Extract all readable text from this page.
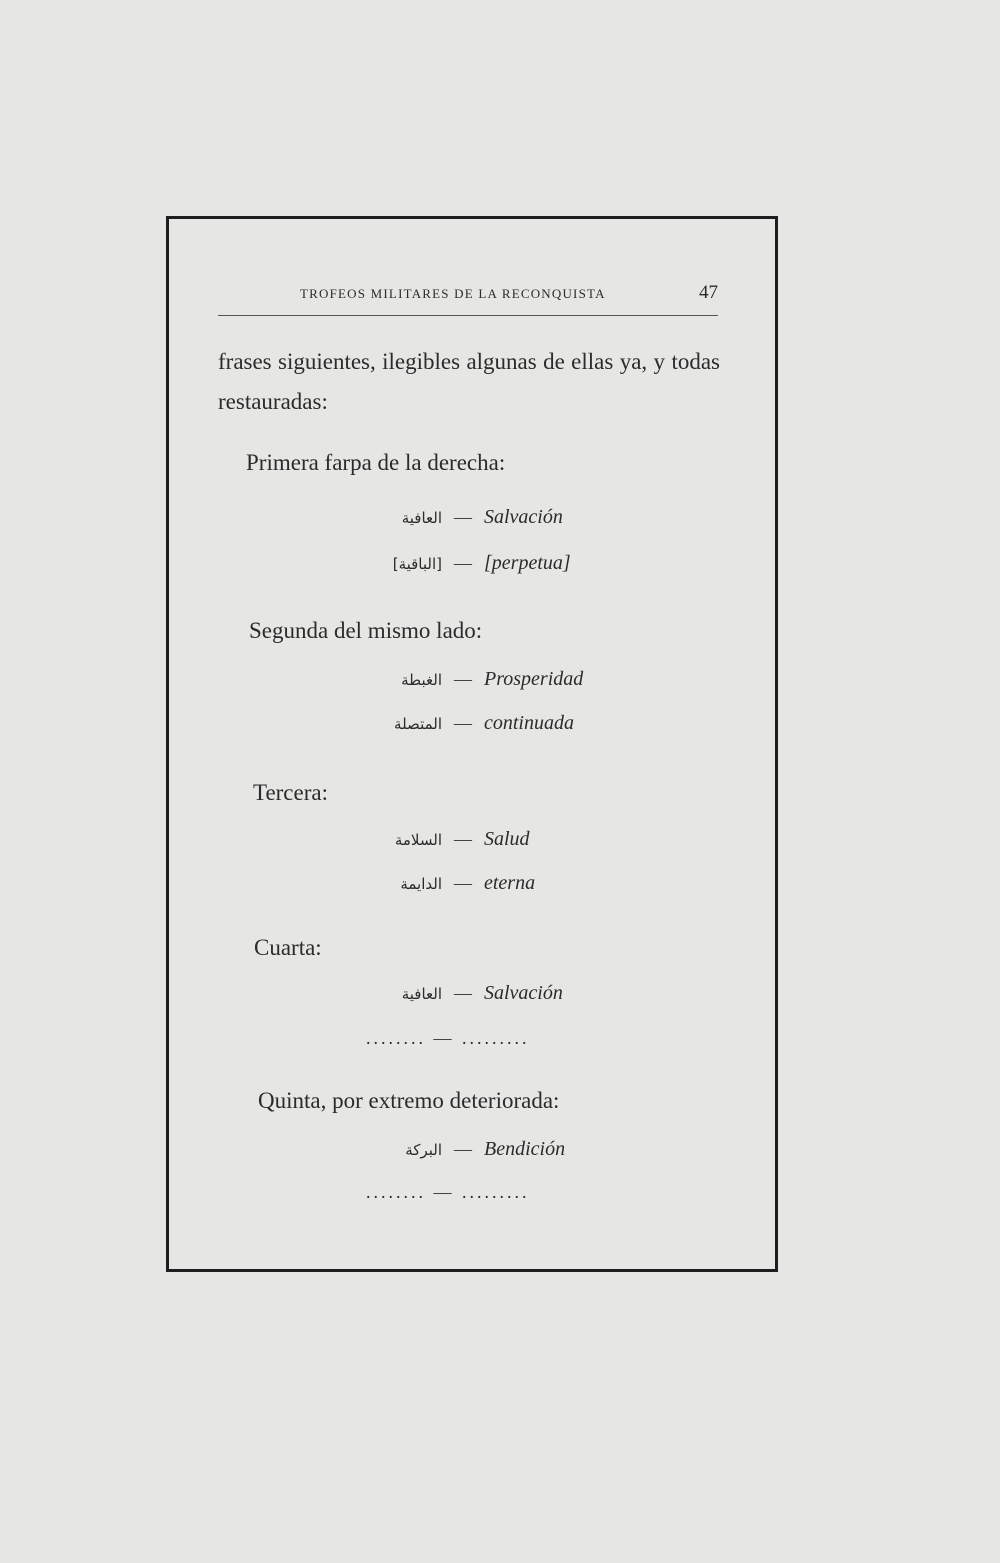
TROFEOS MILITARES DE LA RECONQUISTA	47
frases siguientes, ilegibles algunas de ellas ya, y todas restauradas:
Primera farpa de la derecha:
العافية — Salvación
[الباقية] — [perpetua]
Segunda del mismo lado:
الغبطة — Prosperidad
المتصلة — continuada
Tercera:
السلامة — Salud
الدايمة — eterna
Cuarta:
العافية — Salvación
........ — .........
Quinta, por extremo deteriorada:
البركة — Bendición
........ — .........
